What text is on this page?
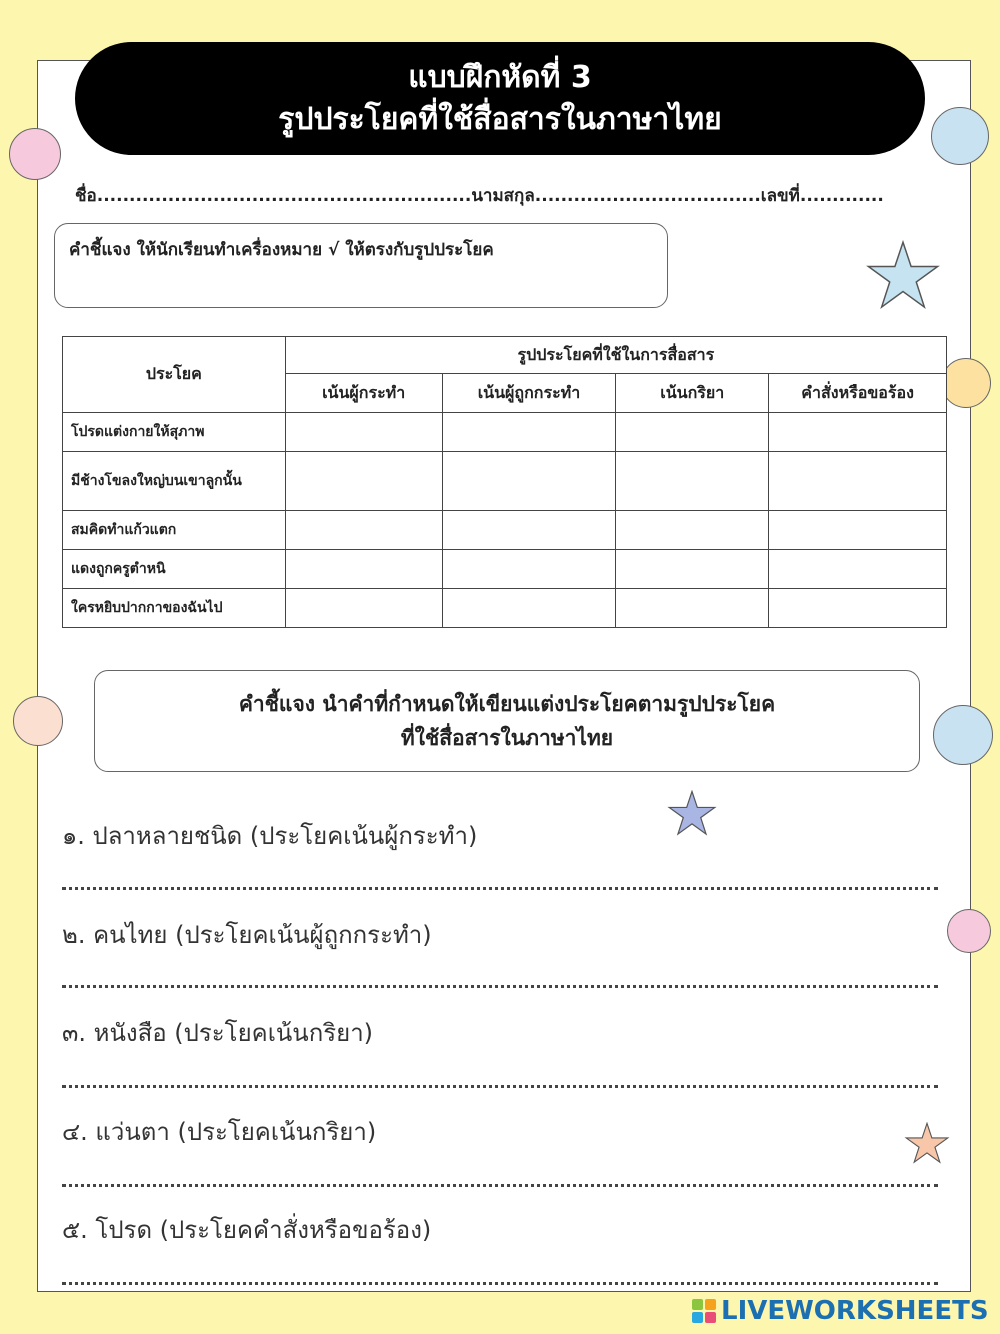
แบบฝึกหัดที่ 3
รูปประโยคที่ใช้สื่อสารในภาษาไทย
ชื่อ..........................................................นามสกุล...................................เลขที่.............
คำชี้แจง ให้นักเรียนทำเครื่องหมาย √ ให้ตรงกับรูปประโยค
ประโยค	รูปประโยคที่ใช้ในการสื่อสาร			
	เน้นผู้กระทำ	เน้นผู้ถูกกระทำ	เน้นกริยา	คำสั่งหรือขอร้อง
โปรดแต่งกายให้สุภาพ				
มีช้างโขลงใหญ่บนเขาลูกนั้น				
สมคิดทำแก้วแตก				
แดงถูกครูตำหนิ				
ใครหยิบปากกาของฉันไป				
คำชี้แจง นำคำที่กำหนดให้เขียนแต่งประโยคตามรูปประโยค
ที่ใช้สื่อสารในภาษาไทย
๑. ปลาหลายชนิด (ประโยคเน้นผู้กระทำ)
๒. คนไทย (ประโยคเน้นผู้ถูกกระทำ)
๓. หนังสือ (ประโยคเน้นกริยา)
๔. แว่นตา (ประโยคเน้นกริยา)
๕. โปรด (ประโยคคำสั่งหรือขอร้อง)
LIVEWORKSHEETS
